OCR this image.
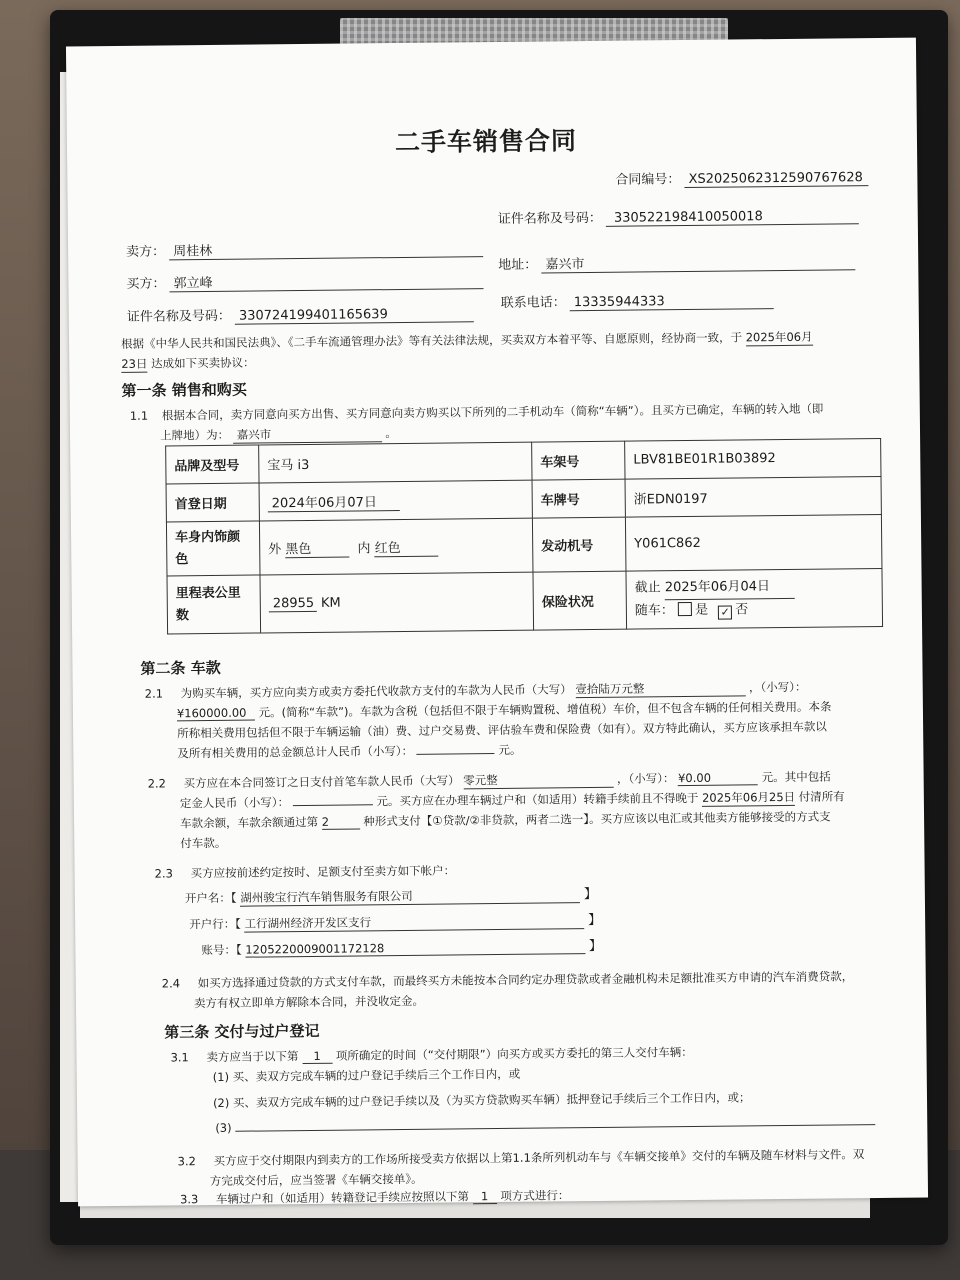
二手车销售合同
合同编号： XS2025062312590767628
证件名称及号码： 330522198410050018
卖方： 周桂林
买方： 郭立峰
地址： 嘉兴市
证件名称及号码： 330724199401165639
联系电话： 13335944333
根据《中华人民共和国民法典》、《二手车流通管理办法》等有关法律法规，买卖双方本着平等、自愿原则，经协商一致，于 2025年06月
23日 达成如下买卖协议：
第一条 销售和购买
1.1 根据本合同，卖方同意向买方出售、买方同意向卖方购买以下所列的二手机动车（简称“车辆”）。且买方已确定，车辆的转入地（即
上牌地）为： 嘉兴市	。
品牌及型号	宝马 i3	车架号	LBV81BE01R1B03892
首登日期	2024年06月07日	车牌号	浙EDN0197
车身内饰颜色	外 黑色 内 红色	发动机号	Y061C862
里程表公里数	28955 KM	保险状况	截止 2025年06月04日
随车： 是 ✓ 否
第二条 车款
2.1 为购买车辆，买方应向卖方或卖方委托代收款方支付的车款为人民币（大写） 壹拾陆万元整	，（小写）：
¥160000.00 元。(简称“车款”)。车款为含税（包括但不限于车辆购置税、增值税）车价，但不包含车辆的任何相关费用。本条
所称相关费用包括但不限于车辆运输（油）费、过户交易费、评估验车费和保险费（如有）。双方特此确认，买方应该承担车款以
及所有相关费用的总金额总计人民币（小写）：	元。
2.2 买方应在本合同签订之日支付首笔车款人民币（大写） 零元整	，（小写）： ¥0.00	元。其中包括
定金人民币（小写）：	元。买方应在办理车辆过户和（如适用）转籍手续前且不得晚于 2025年06月25日 付清所有
车款余额，车款余额通过第 2	种形式支付【①贷款/②非贷款，两者二选一】。买方应该以电汇或其他卖方能够接受的方式支
付车款。
2.3 买方应按前述约定按时、足额支付至卖方如下帐户：
开户名：【 湖州骏宝行汽车销售服务有限公司	】
开户行：【 工行湖州经济开发区支行	】
账号：【 1205220009001172128	】
2.4 如买方选择通过贷款的方式支付车款，而最终买方未能按本合同约定办理贷款或者金融机构未足额批准买方申请的汽车消费贷款，
卖方有权立即单方解除本合同，并没收定金。
第三条 交付与过户登记
3.1 卖方应当于以下第 1 项所确定的时间（“交付期限”）向买方或买方委托的第三人交付车辆：
(1) 买、卖双方完成车辆的过户登记手续后三个工作日内，或
(2) 买、卖双方完成车辆的过户登记手续以及（为买方贷款购买车辆）抵押登记手续后三个工作日内，或；
(3)
3.2 买方应于交付期限内到卖方的工作场所接受卖方依据以上第1.1条所列机动车与《车辆交接单》交付的车辆及随车材料与文件。双
方完成交付后，应当签署《车辆交接单》。
3.3 车辆过户和（如适用）转籍登记手续应按照以下第 1 项方式进行：
